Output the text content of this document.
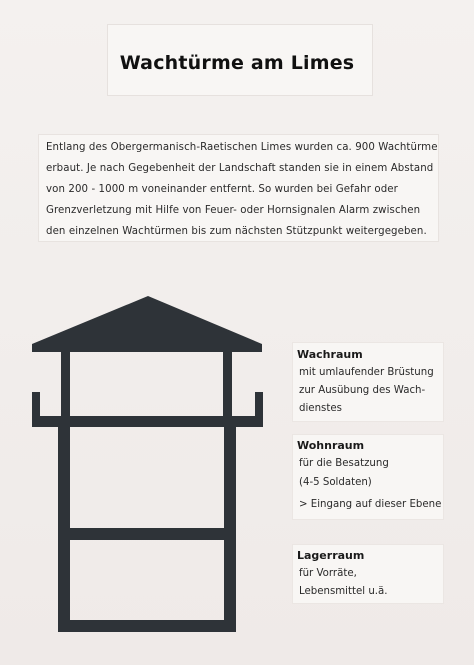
Wachtürme am Limes
Entlang des Obergermanisch-Raetischen Limes wurden ca. 900 Wachtürme
erbaut. Je nach Gegebenheit der Landschaft standen sie in einem Abstand
von 200 - 1000 m voneinander entfernt. So wurden bei Gefahr oder
Grenzverletzung mit Hilfe von Feuer- oder Hornsignalen Alarm zwischen
den einzelnen Wachtürmen bis zum nächsten Stützpunkt weitergegeben.
Wachraum
mit umlaufender Brüstung
zur Ausübung des Wach-
dienstes
Wohnraum
für die Besatzung
(4-5 Soldaten)
> Eingang auf dieser Ebene
Lagerraum
für Vorräte,
Lebensmittel u.ä.
